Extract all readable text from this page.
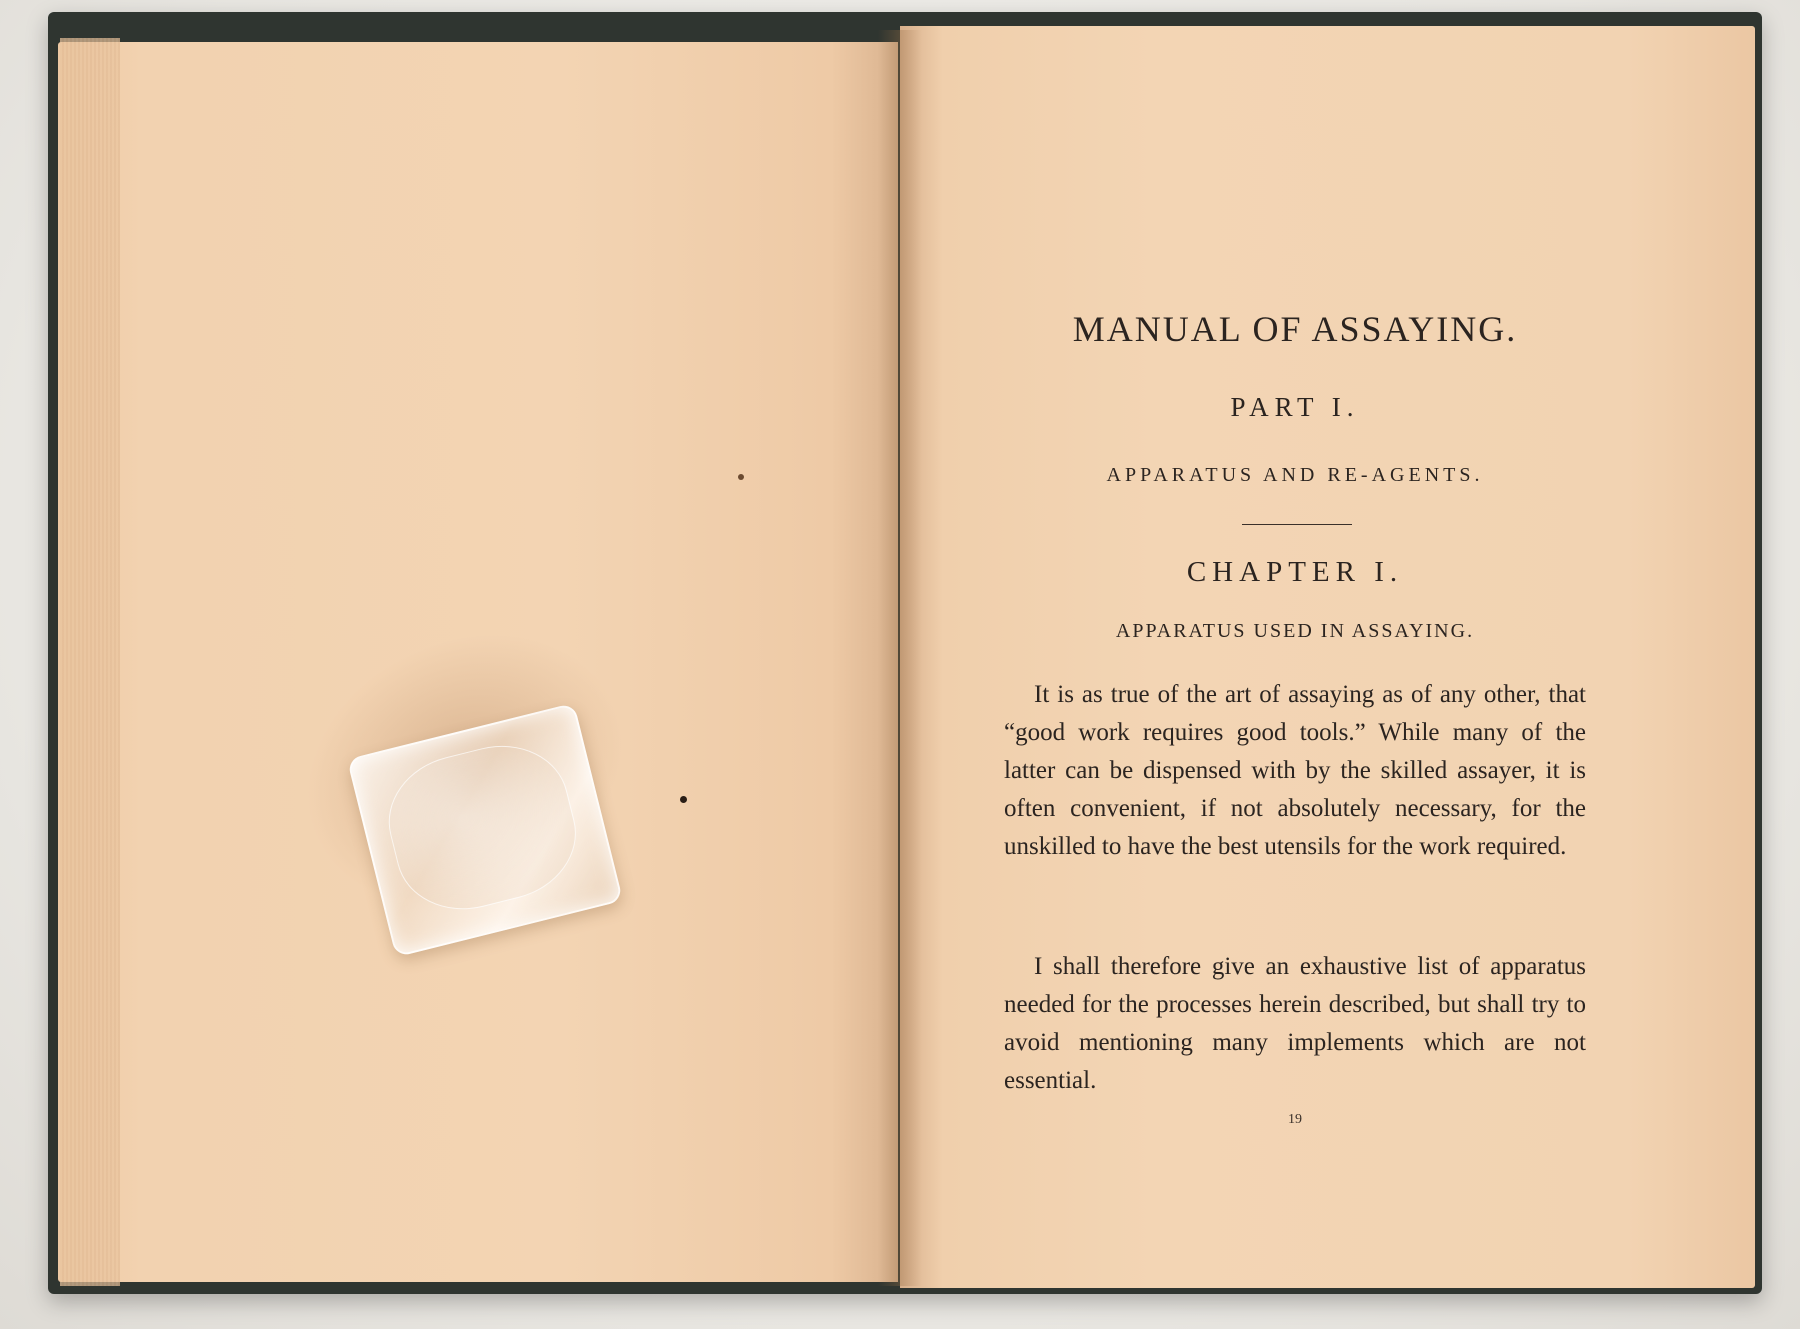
MANUAL OF ASSAYING.
PART I.
APPARATUS AND RE-AGENTS.
CHAPTER I.
APPARATUS USED IN ASSAYING.
It is as true of the art of assaying as of any other, that “good work requires good tools.” While many of the latter can be dispensed with by the skilled assayer, it is often convenient, if not absolutely necessary, for the unskilled to have the best utensils for the work required.
I shall therefore give an exhaustive list of apparatus needed for the processes herein described, but shall try to avoid mentioning many implements which are not essential.
19
